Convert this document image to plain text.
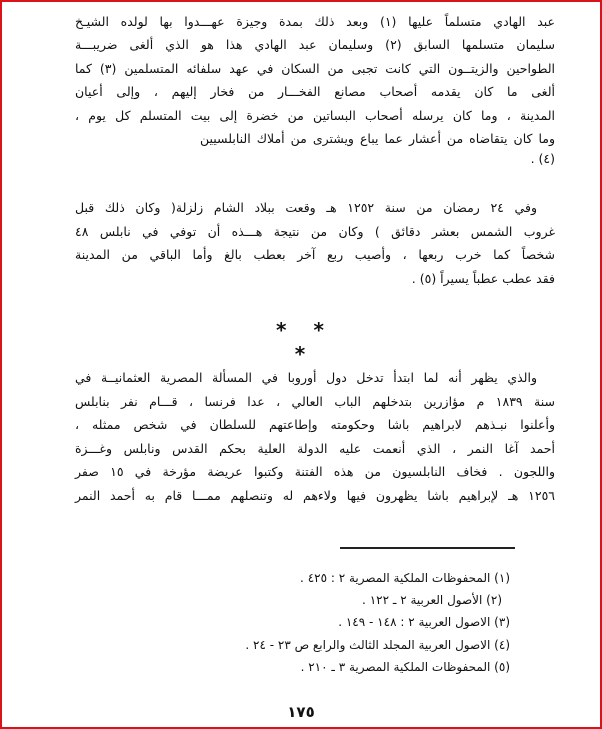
عبد الهادي متسلماً عليها (١) وبعد ذلك بمدة وجيزة عهـــدوا بها لولده الشيـخ
سليمان متسلمها السابق (٢) وسليمان عبد الهادي هذا هو الذي ألغى ضريبـــة
الطواحين والزيتــون التي كانت تجبى من السكان في عهد سلفائه المتسلمين (٣) كما
ألغى ما كان يقدمه أصحاب مصانع الفخـــار من فخار إليهم ، وإلى أعيان
المدينة ، وما كان يرسله أصحاب البساتين من خضرة إلى بيت المتسلم كل يوم ،
وما كان يتقاضاه من أعشار عما يباع ويشترى من أملاك النابلسيين (٤) .
وفي ٢٤ رمضان من سنة ١٢٥٢ هـ وقعت ببلاد الشام زلزلة( وكان ذلك قبل
غروب الشمس بعشر دقائق ) وكان من نتيجة هـــذه أن توفي في نابلس ٤٨
شخصاً كما خرب ربعها ، وأصيب ربع آخر بعطب بالغ وأما الباقي من المدينة
فقد عطب عطباً يسيراً (٥) .
* * *
والذي يظهر أنه لما ابتدأ تدخل دول أوروبا في المسألة المصرية العثمانيــة في
سنة ١٨٣٩ م مؤازرين بتدخلهم الباب العالي ، عدا فرنسا ، قـــام نفر بنابلس
وأعلنوا نبـذهم لابراهيم باشا وحكومته وإطاعتهم للسلطان في شخص ممثله ،
أحمد آغا النمر ، الذي أنعمت عليه الدولة العلية بحكم القدس ونابلس وغـــزة
واللجون . فخاف النابلسيون من هذه الفتنة وكتبوا عريضة مؤرخة في ١٥ صفر
١٢٥٦ هـ لإبراهيم باشا يظهرون فيها ولاءهم له وتنصلهم ممـــا قام به أحمد النمر
(١) المحفوظات الملكية المصرية ٢ : ٤٢٥ .
(٢) الأصول العربية ٢ ـ ١٢٢ .
(٣) الاصول العربية ٢ : ١٤٨ - ١٤٩ .
(٤) الاصول العربية المجلد الثالث والرابع ص ٢٣ - ٢٤ .
(٥) المحفوظات الملكية المصرية ٣ ـ ٢١٠ .
١٧٥
